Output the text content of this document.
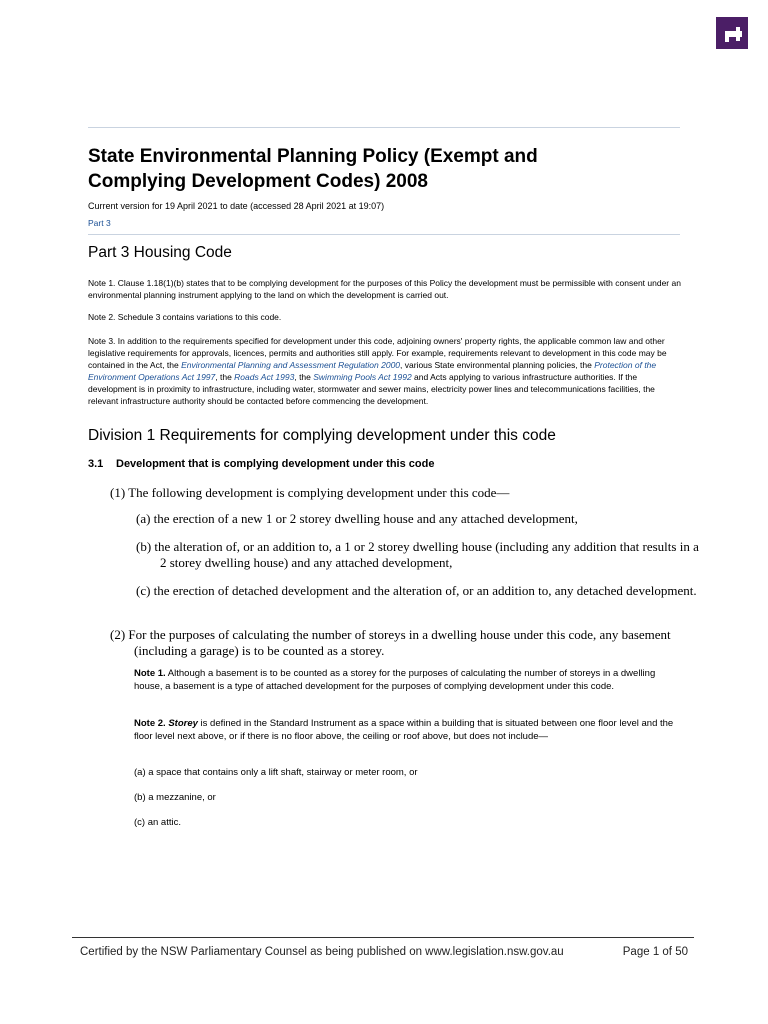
State Environmental Planning Policy (Exempt and
Complying Development Codes) 2008
Current version for 19 April 2021 to date (accessed 28 April 2021 at 19:07)
Part 3
Part 3 Housing Code

Note 1. Clause 1.18(1)(b) states that to be complying development for the purposes of this Policy the development must be permissible with consent under an environmental planning instrument applying to the land on which the development is carried out.

Note 2. Schedule 3 contains variations to this code.

Note 3. In addition to the requirements specified for development under this code, adjoining owners' property rights, the applicable common law and other legislative requirements for approvals, licences, permits and authorities still apply. For example, requirements relevant to development in this code may be contained in the Act, the Environmental Planning and Assessment Regulation 2000, various State environmental planning policies, the Protection of the Environment Operations Act 1997, the Roads Act 1993, the Swimming Pools Act 1992 and Acts applying to various infrastructure authorities. If the development is in proximity to infrastructure, including water, stormwater and sewer mains, electricity power lines and telecommunications facilities, the relevant infrastructure authority should be contacted before commencing the development.

Division 1 Requirements for complying development under this code
3.1 Development that is complying development under this code

(1) The following development is complying development under this code—

(a) the erection of a new 1 or 2 storey dwelling house and any attached development,

(b) the alteration of, or an addition to, a 1 or 2 storey dwelling house (including any addition that results in a 2 storey dwelling house) and any attached development,

(c) the erection of detached development and the alteration of, or an addition to, any detached development.

(2) For the purposes of calculating the number of storeys in a dwelling house under this code, any basement (including a garage) is to be counted as a storey.

Note 1. Although a basement is to be counted as a storey for the purposes of calculating the number of storeys in a dwelling house, a basement is a type of attached development for the purposes of complying development under this code.

Note 2. Storey is defined in the Standard Instrument as a space within a building that is situated between one floor level and the floor level next above, or if there is no floor above, the ceiling or roof above, but does not include—

(a) a space that contains only a lift shaft, stairway or meter room, or

(b) a mezzanine, or

(c) an attic.

Certified by the NSW Parliamentary Counsel as being published on www.legislation.nsw.gov.au	Page 1 of 50
